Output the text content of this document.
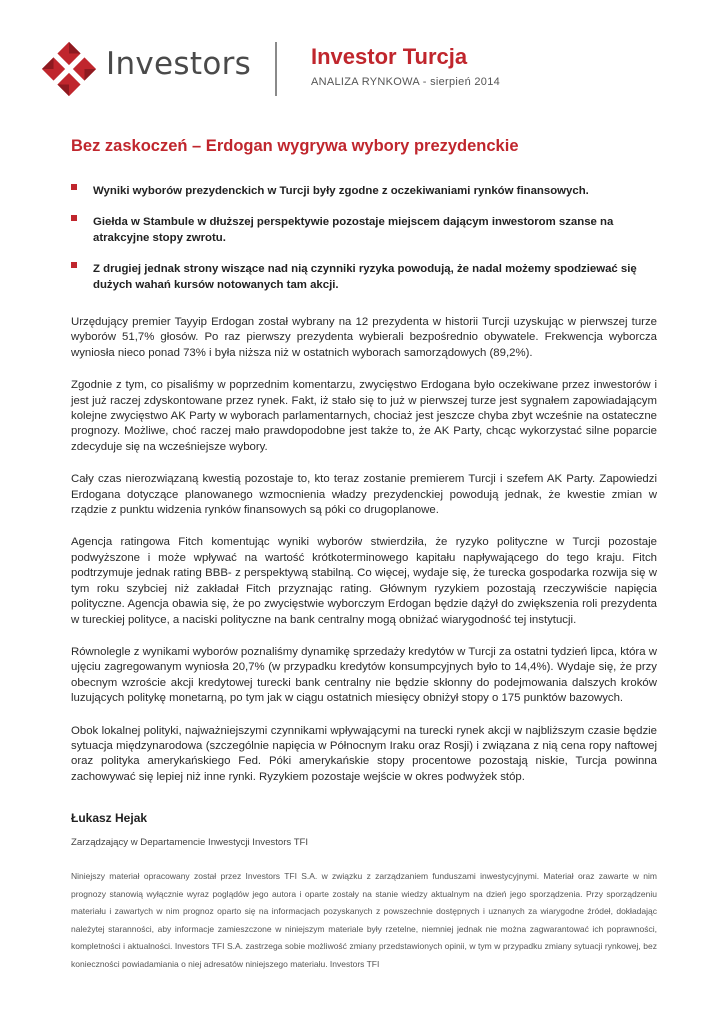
Investors	Investor Turcja
ANALIZA RYNKOWA - sierpień 2014
Bez zaskoczeń – Erdogan wygrywa wybory prezydenckie
Wyniki wyborów prezydenckich w Turcji były zgodne z oczekiwaniami rynków finansowych.
Giełda w Stambule w dłuższej perspektywie pozostaje miejscem dającym inwestorom szanse na atrakcyjne stopy zwrotu.
Z drugiej jednak strony wiszące nad nią czynniki ryzyka powodują, że nadal możemy spodziewać się dużych wahań kursów notowanych tam akcji.

Urzędujący premier Tayyip Erdogan został wybrany na 12 prezydenta w historii Turcji uzyskując w pierwszej turze wyborów 51,7% głosów. Po raz pierwszy prezydenta wybierali bezpośrednio obywatele. Frekwencja wyborcza wyniosła nieco ponad 73% i była niższa niż w ostatnich wyborach samorządowych (89,2%).

Zgodnie z tym, co pisaliśmy w poprzednim komentarzu, zwycięstwo Erdogana było oczekiwane przez inwestorów i jest już raczej zdyskontowane przez rynek. Fakt, iż stało się to już w pierwszej turze jest sygnałem zapowiadającym kolejne zwycięstwo AK Party w wyborach parlamentarnych, chociaż jest jeszcze chyba zbyt wcześnie na ostateczne prognozy. Możliwe, choć raczej mało prawdopodobne jest także to, że AK Party, chcąc wykorzystać silne poparcie zdecyduje się na wcześniejsze wybory.

Cały czas nierozwiązaną kwestią pozostaje to, kto teraz zostanie premierem Turcji i szefem AK Party. Zapowiedzi Erdogana dotyczące planowanego wzmocnienia władzy prezydenckiej powodują jednak, że kwestie zmian w rządzie z punktu widzenia rynków finansowych są póki co drugoplanowe.

Agencja ratingowa Fitch komentując wyniki wyborów stwierdziła, że ryzyko polityczne w Turcji pozostaje podwyższone i może wpływać na wartość krótkoterminowego kapitału napływającego do tego kraju. Fitch podtrzymuje jednak rating BBB- z perspektywą stabilną. Co więcej, wydaje się, że turecka gospodarka rozwija się w tym roku szybciej niż zakładał Fitch przyznając rating. Głównym ryzykiem pozostają rzeczywiście napięcia polityczne. Agencja obawia się, że po zwycięstwie wyborczym Erdogan będzie dążył do zwiększenia roli prezydenta w tureckiej polityce, a naciski polityczne na bank centralny mogą obniżać wiarygodność tej instytucji.

Równolegle z wynikami wyborów poznaliśmy dynamikę sprzedaży kredytów w Turcji za ostatni tydzień lipca, która w ujęciu zagregowanym wyniosła 20,7% (w przypadku kredytów konsumpcyjnych było to 14,4%). Wydaje się, że przy obecnym wzroście akcji kredytowej turecki bank centralny nie będzie skłonny do podejmowania dalszych kroków luzujących politykę monetarną, po tym jak w ciągu ostatnich miesięcy obniżył stopy o 175 punktów bazowych.

Obok lokalnej polityki, najważniejszymi czynnikami wpływającymi na turecki rynek akcji w najbliższym czasie będzie sytuacja międzynarodowa (szczególnie napięcia w Północnym Iraku oraz Rosji) i związana z nią cena ropy naftowej oraz polityka amerykańskiego Fed. Póki amerykańskie stopy procentowe pozostają niskie, Turcja powinna zachowywać się lepiej niż inne rynki. Ryzykiem pozostaje wejście w okres podwyżek stóp.

Łukasz Hejak
Zarządzający w Departamencie Inwestycji Investors TFI

Niniejszy materiał opracowany został przez Investors TFI S.A. w związku z zarządzaniem funduszami inwestycyjnymi. Materiał oraz zawarte w nim prognozy stanowią wyłącznie wyraz poglądów jego autora i oparte zostały na stanie wiedzy aktualnym na dzień jego sporządzenia. Przy sporządzeniu materiału i zawartych w nim prognoz oparto się na informacjach pozyskanych z powszechnie dostępnych i uznanych za wiarygodne źródeł, dokładając należytej staranności, aby informacje zamieszczone w niniejszym materiale były rzetelne, niemniej jednak nie można zagwarantować ich poprawności, kompletności i aktualności. Investors TFI S.A. zastrzega sobie możliwość zmiany przedstawionych opinii, w tym w przypadku zmiany sytuacji rynkowej, bez konieczności powiadamiania o niej adresatów niniejszego materiału. Investors TFI
